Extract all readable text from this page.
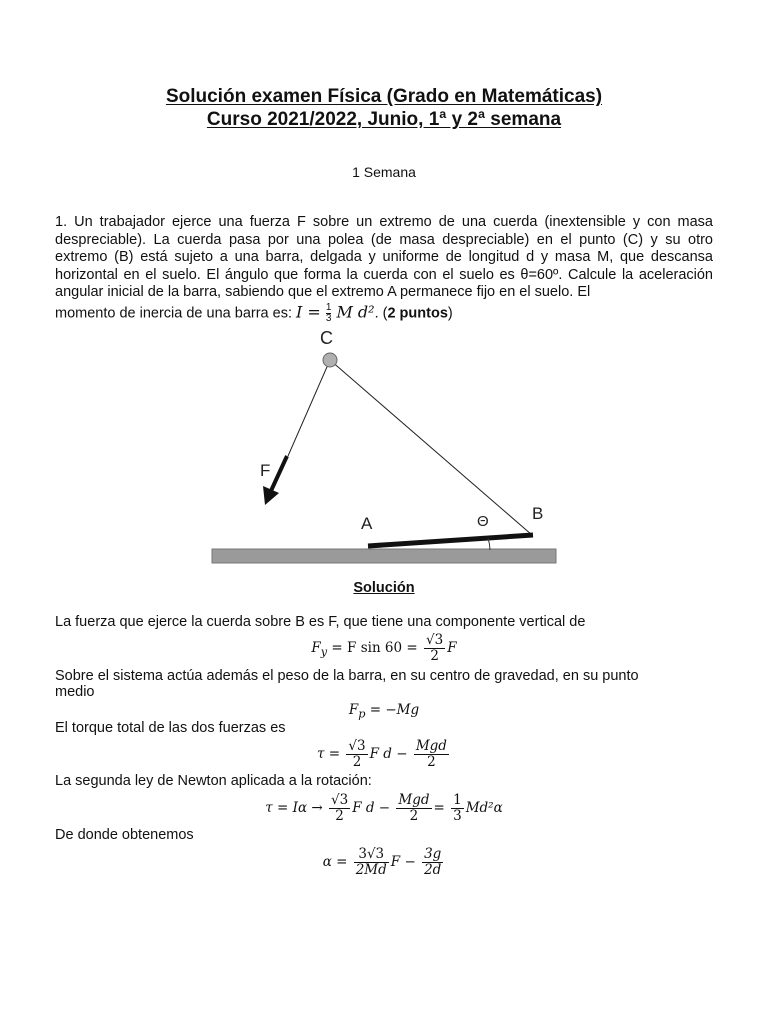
Solución examen Física (Grado en Matemáticas)
Curso 2021/2022, Junio, 1ª y 2ª semana
1 Semana
1. Un trabajador ejerce una fuerza F sobre un extremo de una cuerda (inextensible y con masa despreciable). La cuerda pasa por una polea (de masa despreciable) en el punto (C) y su otro extremo (B) está sujeto a una barra, delgada y uniforme de longitud d y masa M, que descansa horizontal en el suelo. El ángulo que forma la cuerda con el suelo es θ=60º. Calcule la aceleración angular inicial de la barra, sabiendo que el extremo A permanece fijo en el suelo. El
momento de inercia de una barra es: $I = \frac{1}{3}$ M d². (2 puntos)
C
F
A	Θ	B
Solución
La fuerza que ejerce la cuerda sobre B es F, que tiene una componente vertical de
$F_y = F$ $\sin 60 = \frac{√3}{2}$ F
Sobre el sistema actúa además el peso de la barra, en su centro de gravedad, en su punto
medio
$F_p = -Mg$
El torque total de las dos fuerzas es
$\tau = \frac{√3}{2}$ F $d - \frac{\text{Mgd}}{2}$
La segunda ley de Newton aplicada a la rotación:
$\tau = I\alpha \to \frac{√3}{2}$ F $d - \frac{\text{Mgd}}{2} = \frac{1}{3} Md^2\alpha$
De donde obtenemos
$\alpha = \frac{3√3}{2Md}$ $F - \frac{3g}{2d}$
